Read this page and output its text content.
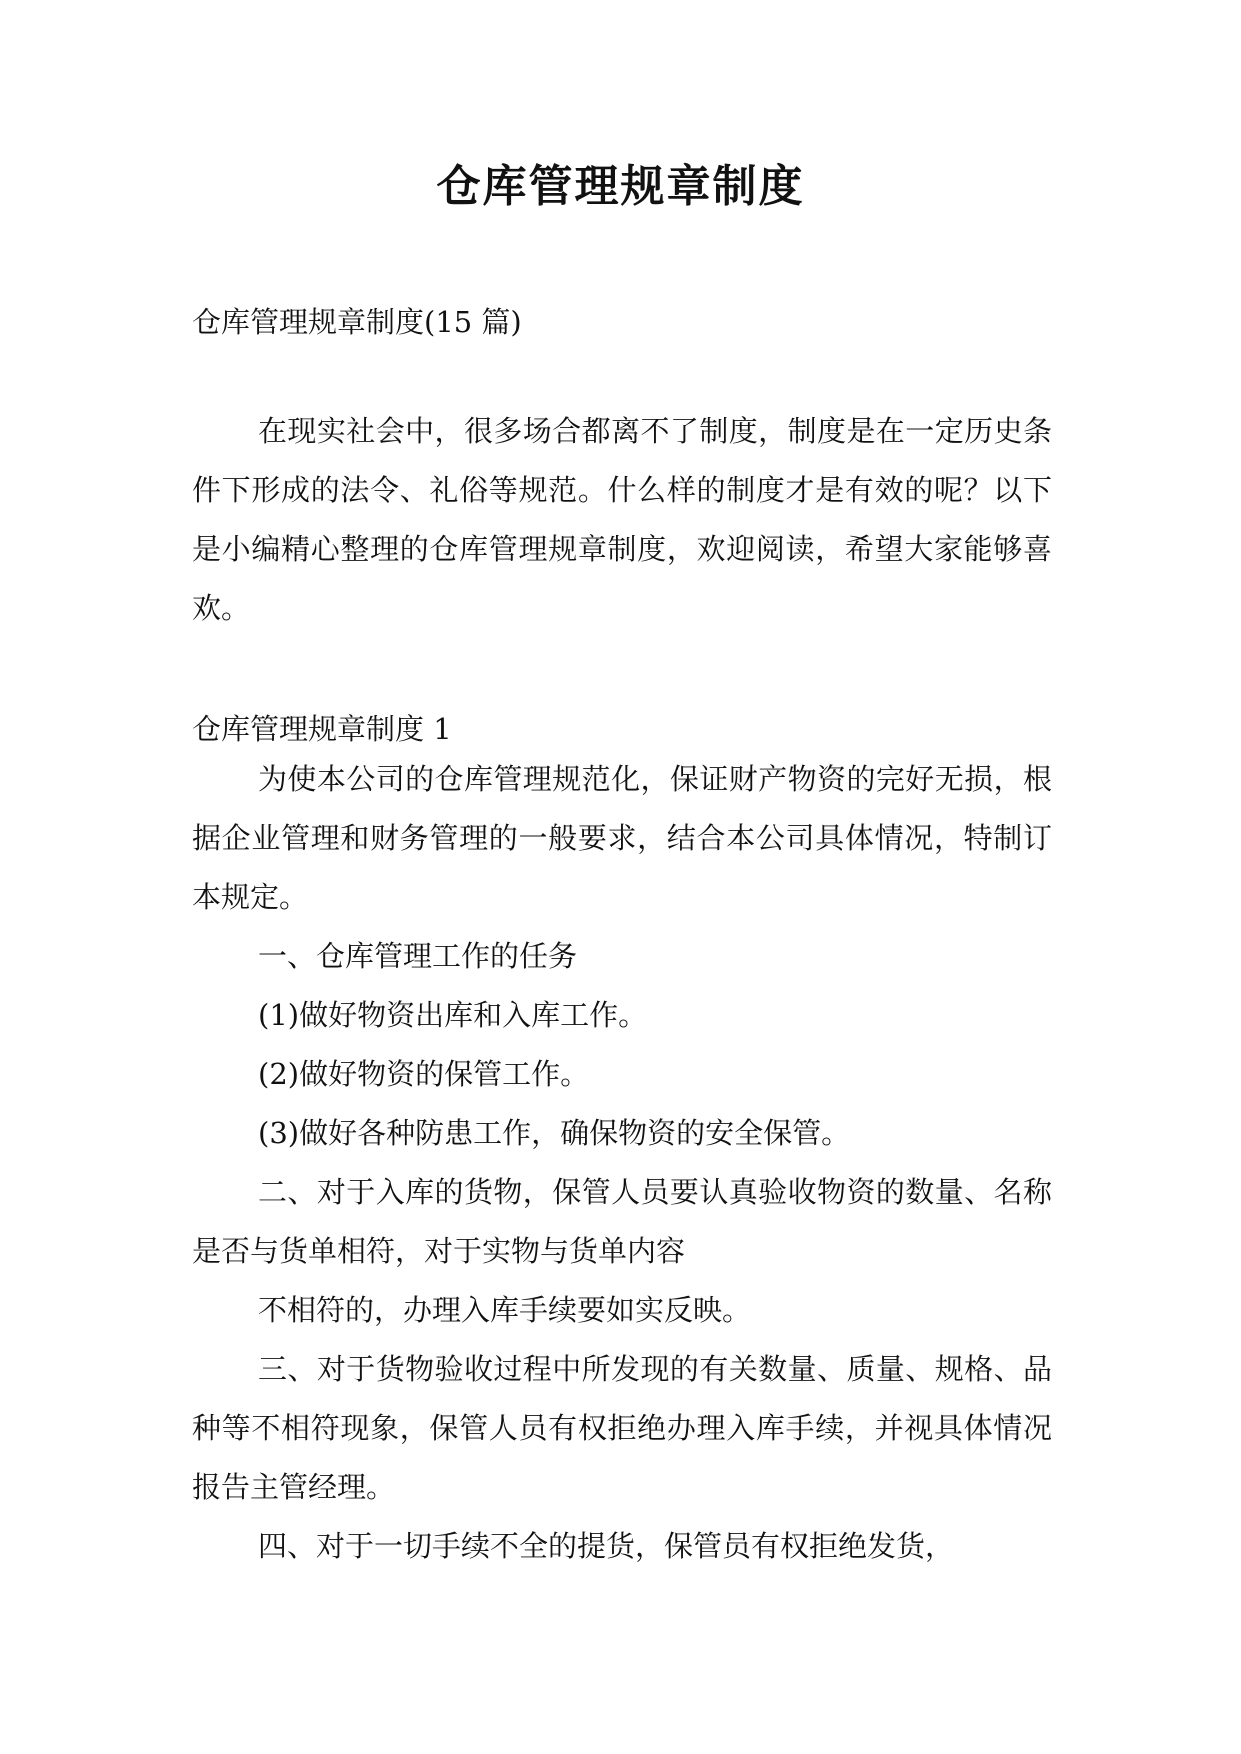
仓库管理规章制度

仓库管理规章制度(15 篇)

在现实社会中，很多场合都离不了制度，制度是在一定历史条件下形成的法令、礼俗等规范。什么样的制度才是有效的呢？以下是小编精心整理的仓库管理规章制度，欢迎阅读，希望大家能够喜欢。

仓库管理规章制度 1

为使本公司的仓库管理规范化，保证财产物资的完好无损，根据企业管理和财务管理的一般要求，结合本公司具体情况，特制订本规定。

一、仓库管理工作的任务

(1)做好物资出库和入库工作。

(2)做好物资的保管工作。

(3)做好各种防患工作，确保物资的安全保管。

二、对于入库的货物，保管人员要认真验收物资的数量、名称是否与货单相符，对于实物与货单内容

不相符的，办理入库手续要如实反映。

三、对于货物验收过程中所发现的有关数量、质量、规格、品种等不相符现象，保管人员有权拒绝办理入库手续，并视具体情况报告主管经理。

四、对于一切手续不全的提货，保管员有权拒绝发货，
